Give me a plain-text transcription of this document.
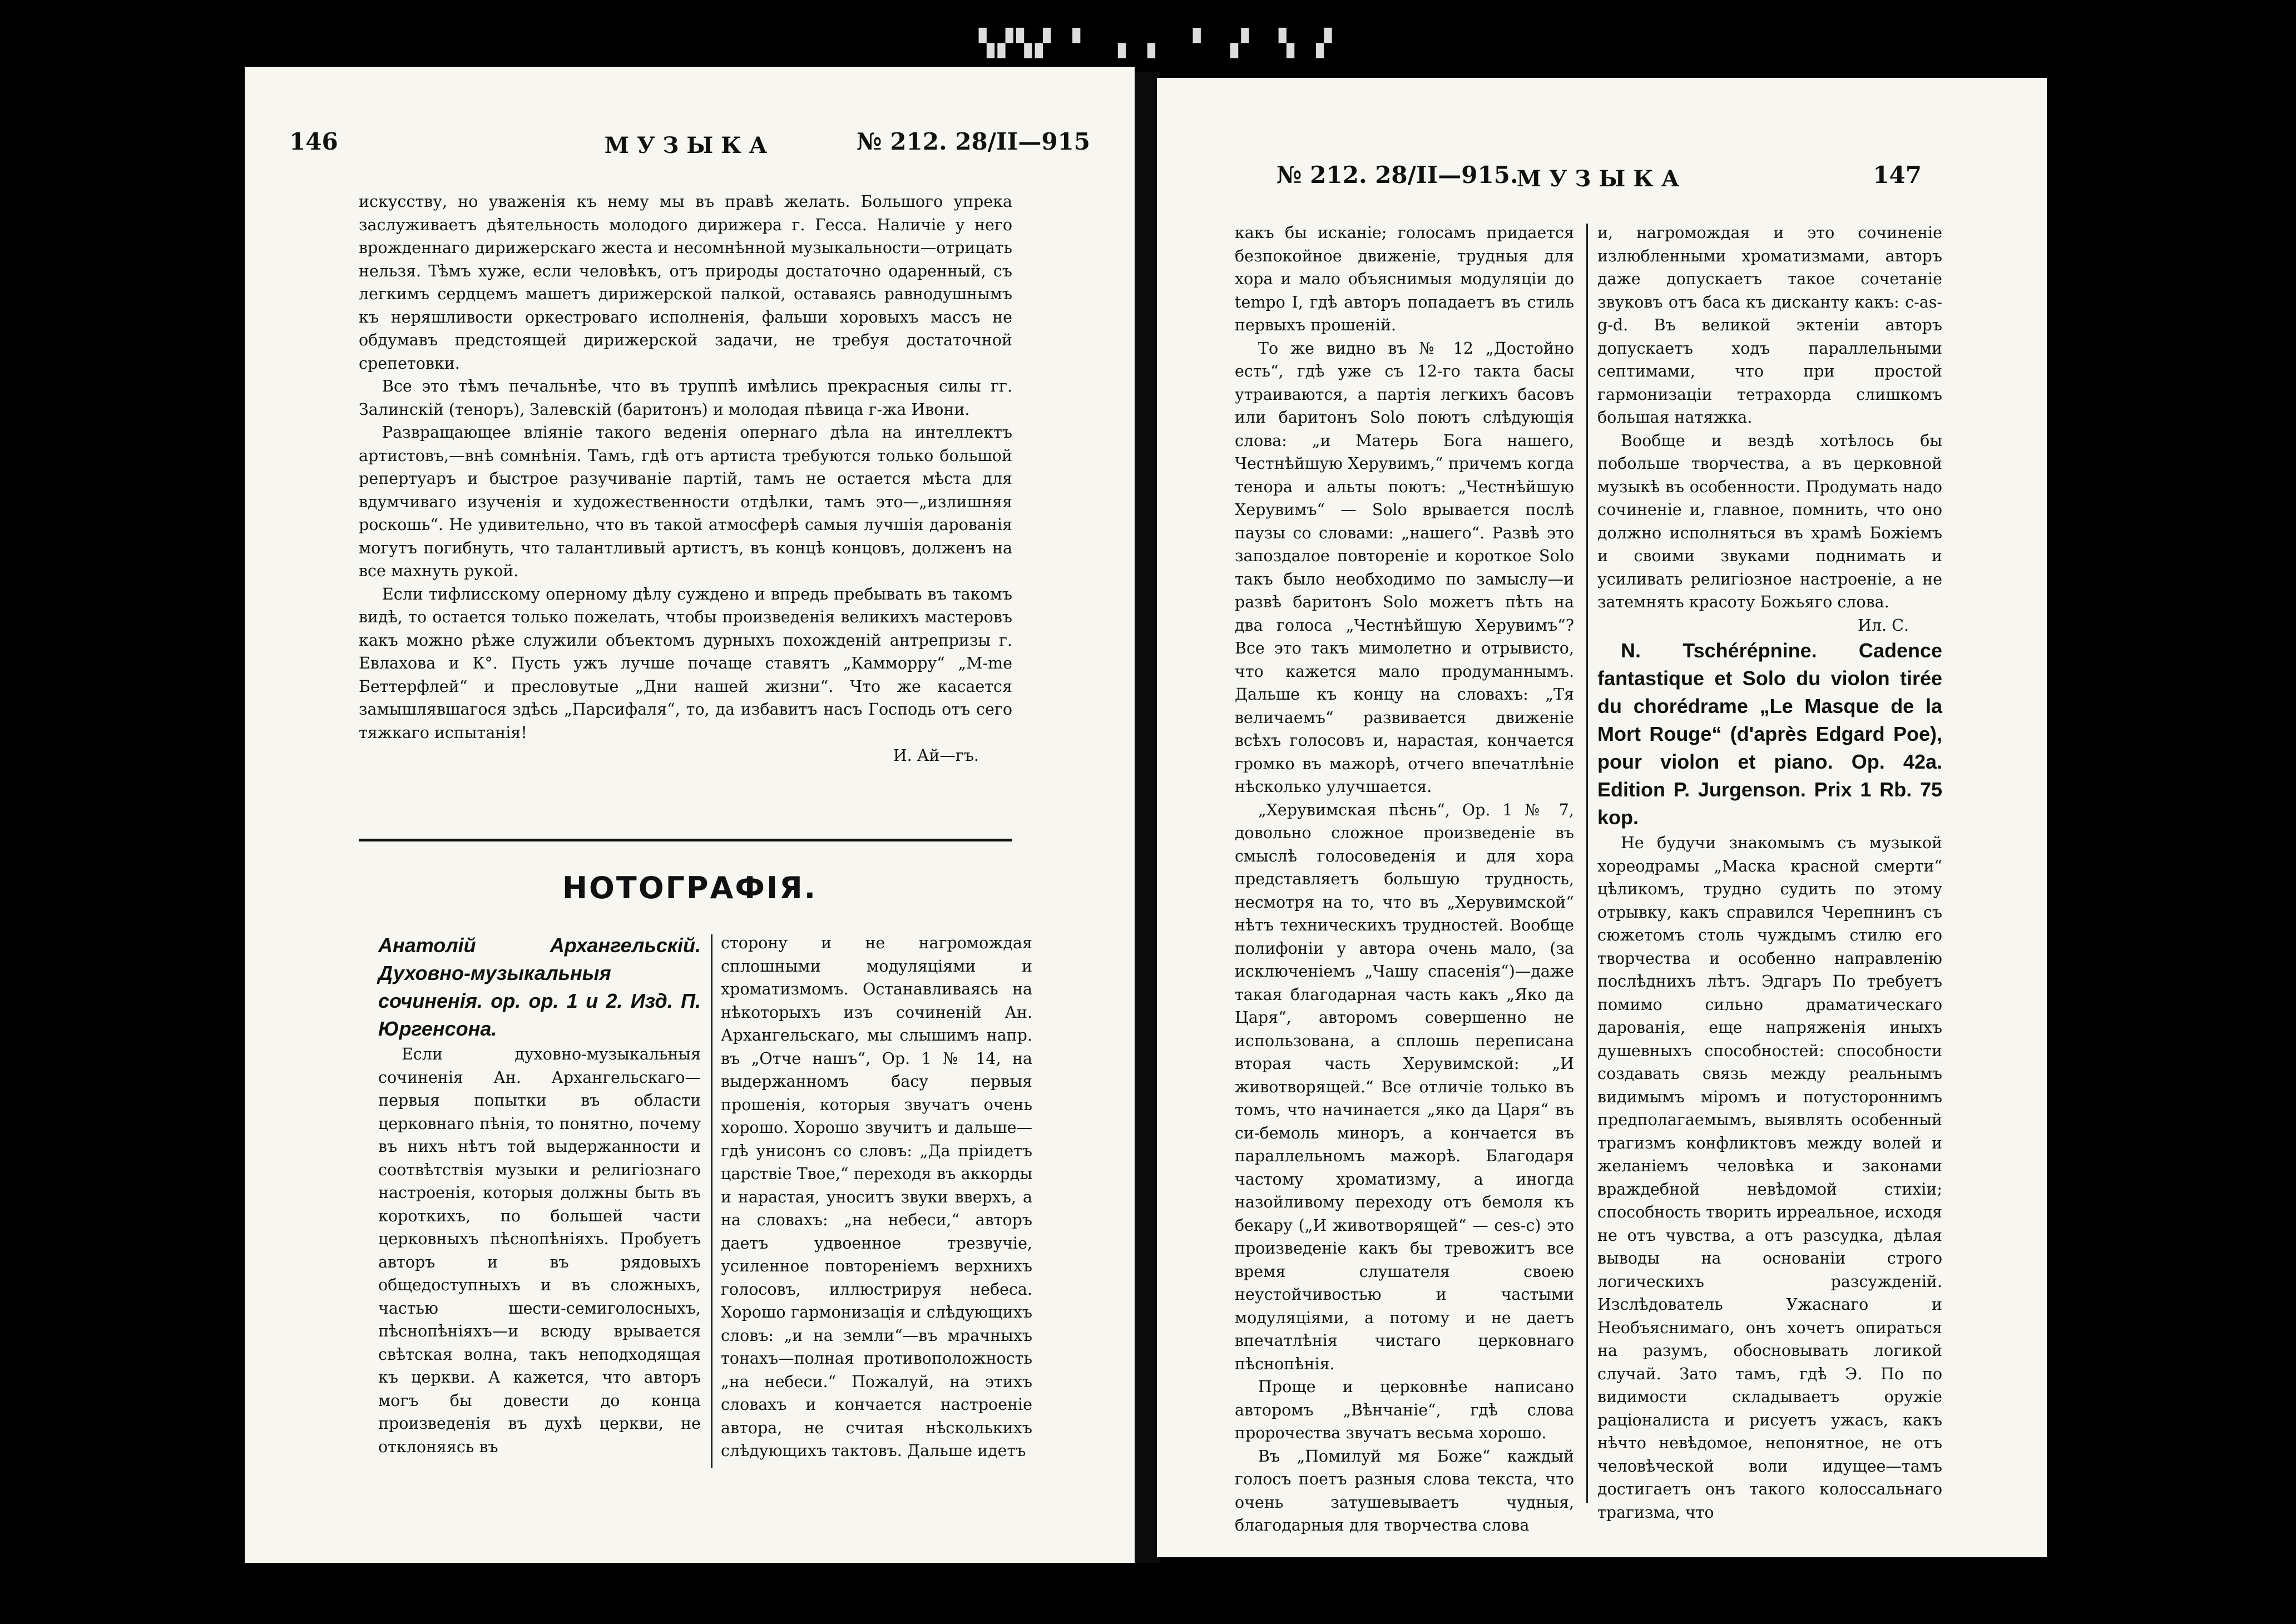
▚▞▚▞ ▘ ▗ ▖ ▝ ▗▘ ▚ ▞
146	МУЗЫКА	№ 212. 28/II—915

искусству, но уваженія къ нему мы въ правѣ желать. Большого упрека заслуживаетъ дѣятельность молодого дирижера г. Гесса. Наличіе у него врожденнаго дирижерскаго жеста и несомнѣнной музыкальности—отрицать нельзя. Тѣмъ хуже, если человѣкъ, отъ природы достаточно одаренный, съ легкимъ сердцемъ машетъ дирижерской палкой, оставаясь равнодушнымъ къ неряшливости оркестроваго исполненія, фальши хоровыхъ массъ не обдумавъ предстоящей дирижерской задачи, не требуя достаточной срепетовки.

Все это тѣмъ печальнѣе, что въ труппѣ имѣлись прекрасныя силы гг. Залинскій (теноръ), Залевскій (баритонъ) и молодая пѣвица г-жа Ивони.

Развращающее вліяніе такого веденія опернаго дѣла на интеллектъ артистовъ,—внѣ сомнѣнія. Тамъ, гдѣ отъ артиста требуются только большой репертуаръ и быстрое разучиваніе партій, тамъ не остается мѣста для вдумчиваго изученія и художественности отдѣлки, тамъ это—„излишняя роскошь“. Не удивительно, что въ такой атмосферѣ самыя лучшія дарованія могутъ погибнуть, что талантливый артистъ, въ концѣ концовъ, долженъ на все махнуть рукой.

Если тифлисскому оперному дѣлу суждено и впредь пребывать въ такомъ видѣ, то остается только пожелать, чтобы произведенія великихъ мастеровъ какъ можно рѣже служили объектомъ дурныхъ похожденій антрепризы г. Евлахова и К°. Пусть ужъ лучше почаще ставятъ „Камморру“ „М-me Беттерфлей“ и пресловутые „Дни нашей жизни“. Что же касается замышлявшагося здѣсь „Парсифаля“, то, да избавитъ насъ Господь отъ сего тяжкаго испытанія!

И. Ай—гъ.

НОТОГРАФІЯ.

Анатолій Архангельскій. Духовно-музыкальныя сочиненія. ор. ор. 1 и 2. Изд. П. Юргенсона.

Если духовно-музыкальныя сочиненія Ан. Архангельскаго—первыя попытки въ области церковнаго пѣнія, то понятно, почему въ нихъ нѣтъ той выдержанности и соотвѣтствія музыки и религіознаго настроенія, которыя должны быть въ короткихъ, по большей части церковныхъ пѣснопѣніяхъ. Пробуетъ авторъ и въ рядовыхъ общедоступныхъ и въ сложныхъ, частью шести-семиголосныхъ, пѣснопѣніяхъ—и всюду врывается свѣтская волна, такъ неподходящая къ церкви. А кажется, что авторъ могъ бы довести до конца произведенія въ духѣ церкви, не отклоняясь въ

сторону и не нагромождая сплошными модуляціями и хроматизмомъ. Останавливаясь на нѣкоторыхъ изъ сочиненій Ан. Архангельскаго, мы слышимъ напр. въ „Отче нашъ“, Ор. 1 № 14, на выдержанномъ басу первыя прошенія, которыя звучатъ очень хорошо. Хорошо звучитъ и дальше—гдѣ унисонъ со словъ: „Да пріидетъ царствіе Твое,“ переходя въ аккорды и нарастая, уноситъ звуки вверхъ, а на словахъ: „на небеси,“ авторъ даетъ удвоенное трезвучіе, усиленное повтореніемъ верхнихъ голосовъ, иллюстрируя небеса. Хорошо гармонизація и слѣдующихъ словъ: „и на земли“—въ мрачныхъ тонахъ—полная противоположность „на небеси.“ Пожалуй, на этихъ словахъ и кончается настроеніе автора, не считая нѣсколькихъ слѣдующихъ тактовъ. Дальше идетъ

№ 212. 28/II—915.
МУЗЫКА	147

какъ бы исканіе; голосамъ придается безпокойное движеніе, трудныя для хора и мало объяснимыя модуляціи до tempo I, гдѣ авторъ попадаетъ въ стиль первыхъ прошеній.

То же видно въ № 12 „Достойно есть“, гдѣ уже съ 12-го такта басы утраиваются, а партія легкихъ басовъ или баритонъ Solo поютъ слѣдующія слова: „и Матерь Бога нашего, Честнѣйшую Херувимъ,“ причемъ когда тенора и альты поютъ: „Честнѣйшую Херувимъ“ — Solo врывается послѣ паузы со словами: „нашего“. Развѣ это запоздалое повтореніе и короткое Solo такъ было необходимо по замыслу—и развѣ баритонъ Solo можетъ пѣть на два голоса „Честнѣйшую Херувимъ“? Все это такъ мимолетно и отрывисто, что кажется мало продуманнымъ. Дальше къ концу на словахъ: „Тя величаемъ“ развивается движеніе всѣхъ голосовъ и, нарастая, кончается громко въ мажорѣ, отчего впечатлѣніе нѣсколько улучшается.

„Херувимская пѣснь“, Ор. 1 № 7, довольно сложное произведеніе въ смыслѣ голосоведенія и для хора представляетъ большую трудность, несмотря на то, что въ „Херувимской“ нѣтъ техническихъ трудностей. Вообще полифоніи у автора очень мало, (за исключеніемъ „Чашу спасенія“)—даже такая благодарная часть какъ „Яко да Царя“, авторомъ совершенно не использована, а сплошь переписана вторая часть Херувимской: „И животворящей.“ Все отличіе только въ томъ, что начинается „яко да Царя“ въ си-бемоль миноръ, а кончается въ параллельномъ мажорѣ. Благодаря частому хроматизму, а иногда назойливому переходу отъ бемоля къ бекару („И животворящей“ — ces-c) это произведеніе какъ бы тревожитъ все время слушателя своею неустойчивостью и частыми модуляціями, а потому и не даетъ впечатлѣнія чистаго церковнаго пѣснопѣнія.

Проще и церковнѣе написано авторомъ „Вѣнчаніе“, гдѣ слова пророчества звучатъ весьма хорошо.

Въ „Помилуй мя Боже“ каждый голосъ поетъ разныя слова текста, что очень затушевываетъ чудныя, благодарныя для творчества слова

и, нагромождая и это сочиненіе излюбленными хроматизмами, авторъ даже допускаетъ такое сочетаніе звуковъ отъ баса къ дисканту какъ: c-as-g-d. Въ великой эктеніи авторъ допускаетъ ходъ параллельными септимами, что при простой гармонизаціи тетрахорда слишкомъ большая натяжка.

Вообще и вездѣ хотѣлось бы побольше творчества, а въ церковной музыкѣ въ особенности. Продумать надо сочиненіе и, главное, помнить, что оно должно исполняться въ храмѣ Божіемъ и своими звуками поднимать и усиливать религіозное настроеніе, а не затемнять красоту Божьяго слова.

Ил. С.

N. Tschérépnine. Cadence fantastique et Solo du violon tirée du chorédrame „Le Masque de la Mort Rouge“ (d'après Edgard Poe), pour violon et piano. Op. 42a. Edition P. Jurgenson. Prix 1 Rb. 75 kop.

Не будучи знакомымъ съ музыкой хореодрамы „Маска красной смерти“ цѣликомъ, трудно судить по этому отрывку, какъ справился Черепнинъ съ сюжетомъ столь чуждымъ стилю его творчества и особенно направленію послѣднихъ лѣтъ. Эдгаръ По требуетъ помимо сильно драматическаго дарованія, еще напряженія иныхъ душевныхъ способностей: способности создавать связь между реальнымъ видимымъ міромъ и потустороннимъ предполагаемымъ, выявлять особенный трагизмъ конфликтовъ между волей и желаніемъ человѣка и законами враждебной невѣдомой стихіи; способность творить ирреальное, исходя не отъ чувства, а отъ разсудка, дѣлая выводы на основаніи строго логическихъ разсужденій. Изслѣдователь Ужаснаго и Необъяснимаго, онъ хочетъ опираться на разумъ, обосновывать логикой случай. Зато тамъ, гдѣ Э. По по видимости складываетъ оружіе раціоналиста и рисуетъ ужасъ, какъ нѣчто невѣдомое, непонятное, не отъ человѣческой воли идущее—тамъ достигаетъ онъ такого колоссальнаго трагизма, что
